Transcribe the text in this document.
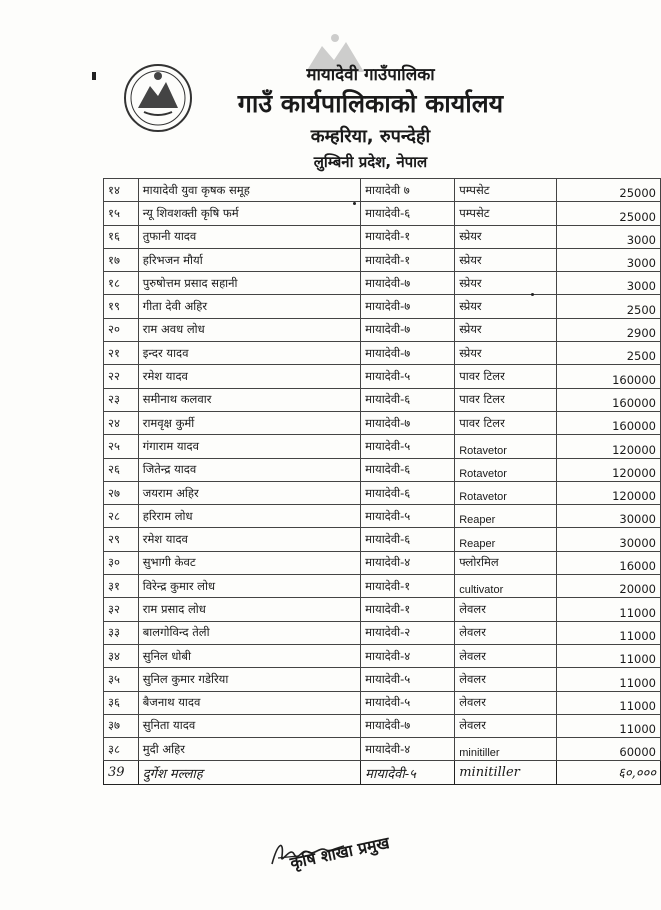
मायादेवी गाउँपालिका
गाउँ कार्यपालिकाको कार्यालय
कम्हरिया, रुपन्देही
लुम्बिनी प्रदेश, नेपाल
१४	मायादेवी युवा कृषक समूह	मायादेवी ७	पम्पसेट	25000
१५	न्यू शिवशक्ती कृषि फर्म	मायादेवी-६	पम्पसेट	25000
१६	तुफानी यादव	मायादेवी-१	स्प्रेयर	3000
१७	हरिभजन मौर्या	मायादेवी-१	स्प्रेयर	3000
१८	पुरुषोत्तम प्रसाद सहानी	मायादेवी-७	स्प्रेयर	3000
१९	गीता देवी अहिर	मायादेवी-७	स्प्रेयर	2500
२०	राम अवध लोध	मायादेवी-७	स्प्रेयर	2900
२१	इन्दर यादव	मायादेवी-७	स्प्रेयर	2500
२२	रमेश यादव	मायादेवी-५	पावर टिलर	160000
२३	समीनाथ कलवार	मायादेवी-६	पावर टिलर	160000
२४	रामवृक्ष कुर्मी	मायादेवी-७	पावर टिलर	160000
२५	गंगाराम यादव	मायादेवी-५	Rotavetor	120000
२६	जितेन्द्र यादव	मायादेवी-६	Rotavetor	120000
२७	जयराम अहिर	मायादेवी-६	Rotavetor	120000
२८	हरिराम लोध	मायादेवी-५	Reaper	30000
२९	रमेश यादव	मायादेवी-६	Reaper	30000
३०	सुभागी केवट	मायादेवी-४	फ्लोरमिल	16000
३१	विरेन्द्र कुमार लोध	मायादेवी-१	cultivator	20000
३२	राम प्रसाद लोध	मायादेवी-१	लेवलर	11000
३३	बालगोविन्द तेली	मायादेवी-२	लेवलर	11000
३४	सुनिल धोबी	मायादेवी-४	लेवलर	11000
३५	सुनिल कुमार गडेरिया	मायादेवी-५	लेवलर	11000
३६	बैजनाथ यादव	मायादेवी-५	लेवलर	11000
३७	सुनिता यादव	मायादेवी-७	लेवलर	11000
३८	मुदी अहिर	मायादेवी-४	minitiller	60000
39	दुर्गेश मल्लाह	मायादेवी-५	minitiller	६०,०००
कृषि शाखा प्रमुख
